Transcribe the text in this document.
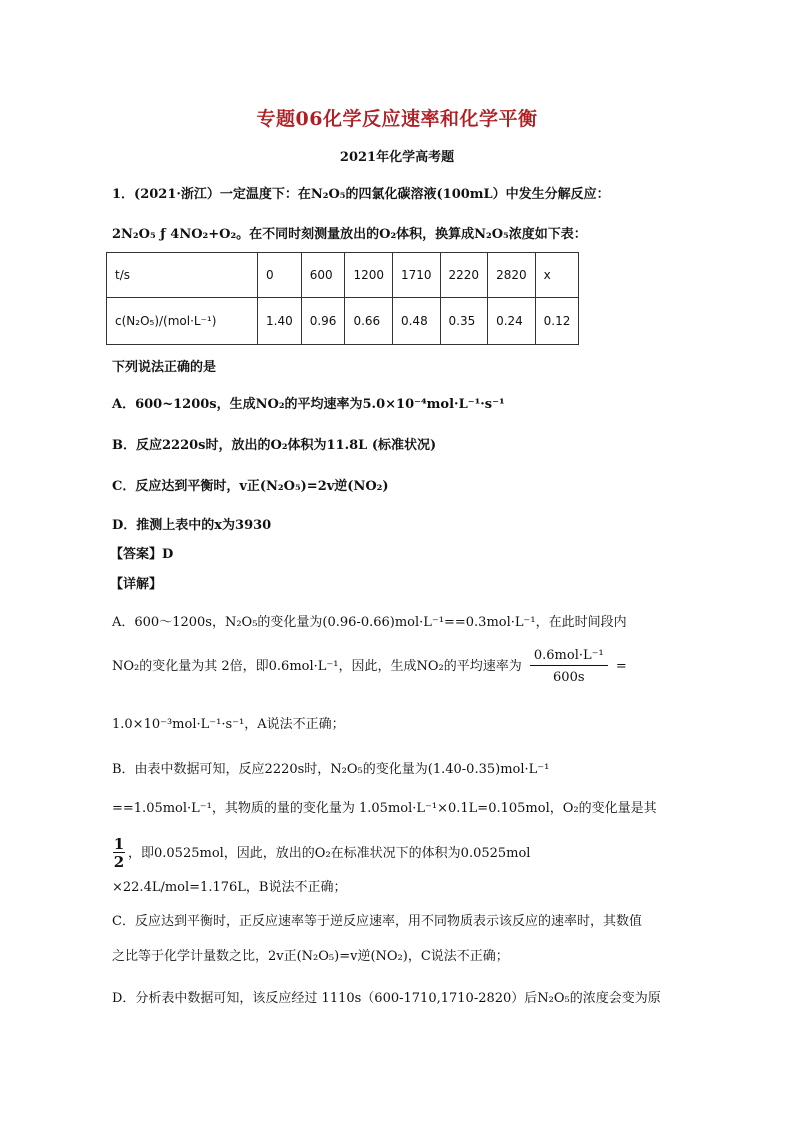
专题06化学反应速率和化学平衡
2021年化学高考题
1．(2021·浙江）一定温度下：在N₂O₅的四氯化碳溶液(100mL）中发生分解反应：
2N₂O₅ ƒ 4NO₂+O₂。在不同时刻测量放出的O₂体积，换算成N₂O₅浓度如下表：
t/s	0	600	1200	1710	2220	2820	x
c(N₂O₅)/(mol·L⁻¹)	1.40	0.96	0.66	0.48	0.35	0.24	0.12
下列说法正确的是
A．600~1200s，生成NO₂的平均速率为5.0×10⁻⁴mol·L⁻¹·s⁻¹
B．反应2220s时，放出的O₂体积为11.8L (标准状况)
C．反应达到平衡时，v正(N₂O₅)=2v逆(NO₂)
D．推测上表中的x为3930
【答案】D
【详解】
A．600～1200s，N₂O₅的变化量为(0.96-0.66)mol·L⁻¹==0.3mol·L⁻¹，在此时间段内
NO₂的变化量为其 2倍，即0.6mol·L⁻¹，因此，生成NO₂的平均速率为 $\frac{\text{0.6mol·L⁻¹}}{600s}$ =
1.0×10⁻³mol·L⁻¹·s⁻¹，A说法不正确；
B．由表中数据可知，反应2220s时，N₂O₅的变化量为(1.40-0.35)mol·L⁻¹
==1.05mol·L⁻¹，其物质的量的变化量为 1.05mol·L⁻¹×0.1L=0.105mol，O₂的变化量是其
$\frac{1}{2}$ ，即0.0525mol，因此，放出的O₂在标准状况下的体积为0.0525mol
×22.4L/mol=1.176L，B说法不正确；
C．反应达到平衡时，正反应速率等于逆反应速率，用不同物质表示该反应的速率时，其数值
之比等于化学计量数之比，2v正(N₂O₅)=v逆(NO₂)，C说法不正确；
D．分析表中数据可知，该反应经过 1110s（600-1710,1710-2820）后N₂O₅的浓度会变为原
